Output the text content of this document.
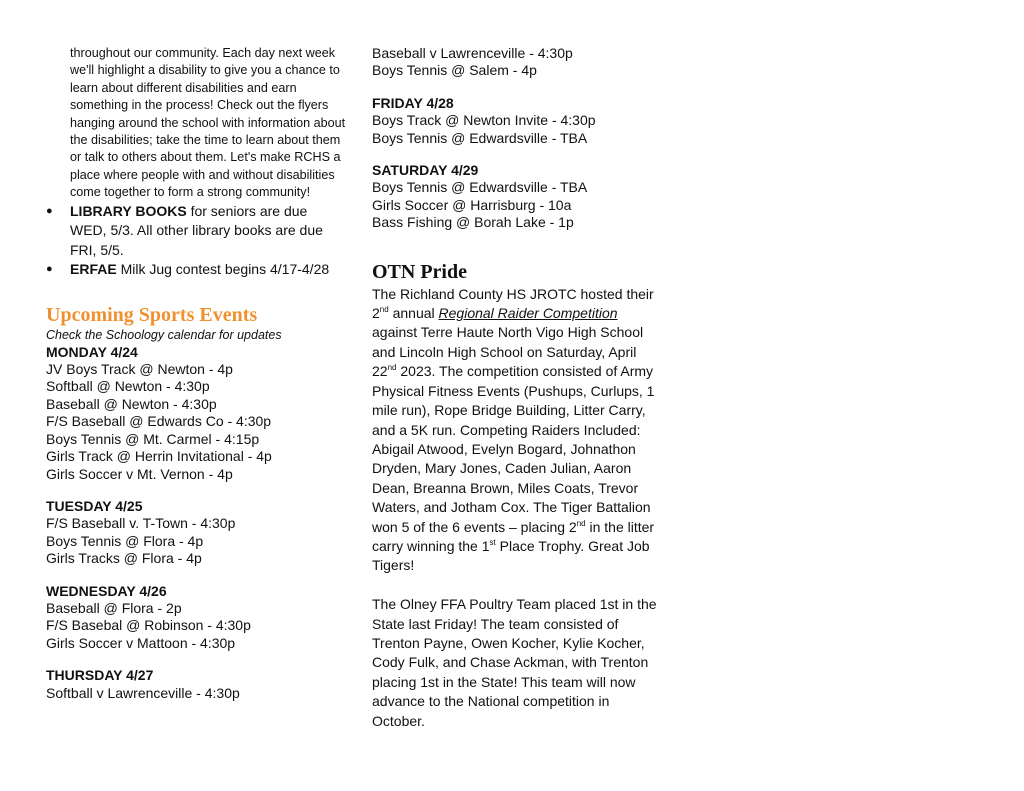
throughout our community. Each day next week we'll highlight a disability to give you a chance to learn about different disabilities and earn something in the process! Check out the flyers hanging around the school with information about the disabilities; take the time to learn about them or talk to others about them. Let's make RCHS a place where people with and without disabilities come together to form a strong community!

● LIBRARY BOOKS for seniors are due WED, 5/3. All other library books are due FRI, 5/5.
● ERFAE Milk Jug contest begins 4/17-4/28
Upcoming Sports Events
Check the Schoology calendar for updates
MONDAY 4/24
JV Boys Track @ Newton - 4p
Softball @ Newton - 4:30p
Baseball @ Newton - 4:30p
F/S Baseball @ Edwards Co - 4:30p
Boys Tennis @ Mt. Carmel - 4:15p
Girls Track @ Herrin Invitational - 4p
Girls Soccer v Mt. Vernon - 4p
TUESDAY 4/25
F/S Baseball v. T-Town - 4:30p
Boys Tennis @ Flora - 4p
Girls Tracks @ Flora - 4p
WEDNESDAY 4/26
Baseball @ Flora - 2p
F/S Basebal @ Robinson - 4:30p
Girls Soccer v Mattoon - 4:30p
THURSDAY 4/27
Softball v Lawrenceville - 4:30p
Baseball v Lawrenceville - 4:30p
Boys Tennis @ Salem - 4p
FRIDAY 4/28
Boys Track @ Newton Invite - 4:30p
Boys Tennis @ Edwardsville - TBA
SATURDAY 4/29
Boys Tennis @ Edwardsville - TBA
Girls Soccer @ Harrisburg - 10a
Bass Fishing @ Borah Lake - 1p
OTN Pride

The Richland County HS JROTC hosted their 2nd annual Regional Raider Competition against Terre Haute North Vigo High School and Lincoln High School on Saturday, April 22nd 2023. The competition consisted of Army Physical Fitness Events (Pushups, Curlups, 1 mile run), Rope Bridge Building, Litter Carry, and a 5K run. Competing Raiders Included: Abigail Atwood, Evelyn Bogard, Johnathon Dryden, Mary Jones, Caden Julian, Aaron Dean, Breanna Brown, Miles Coats, Trevor Waters, and Jotham Cox. The Tiger Battalion won 5 of the 6 events – placing 2nd in the litter carry winning the 1st Place Trophy. Great Job Tigers!

The Olney FFA Poultry Team placed 1st in the State last Friday! The team consisted of Trenton Payne, Owen Kocher, Kylie Kocher, Cody Fulk, and Chase Ackman, with Trenton placing 1st in the State! This team will now advance to the National competition in October.
